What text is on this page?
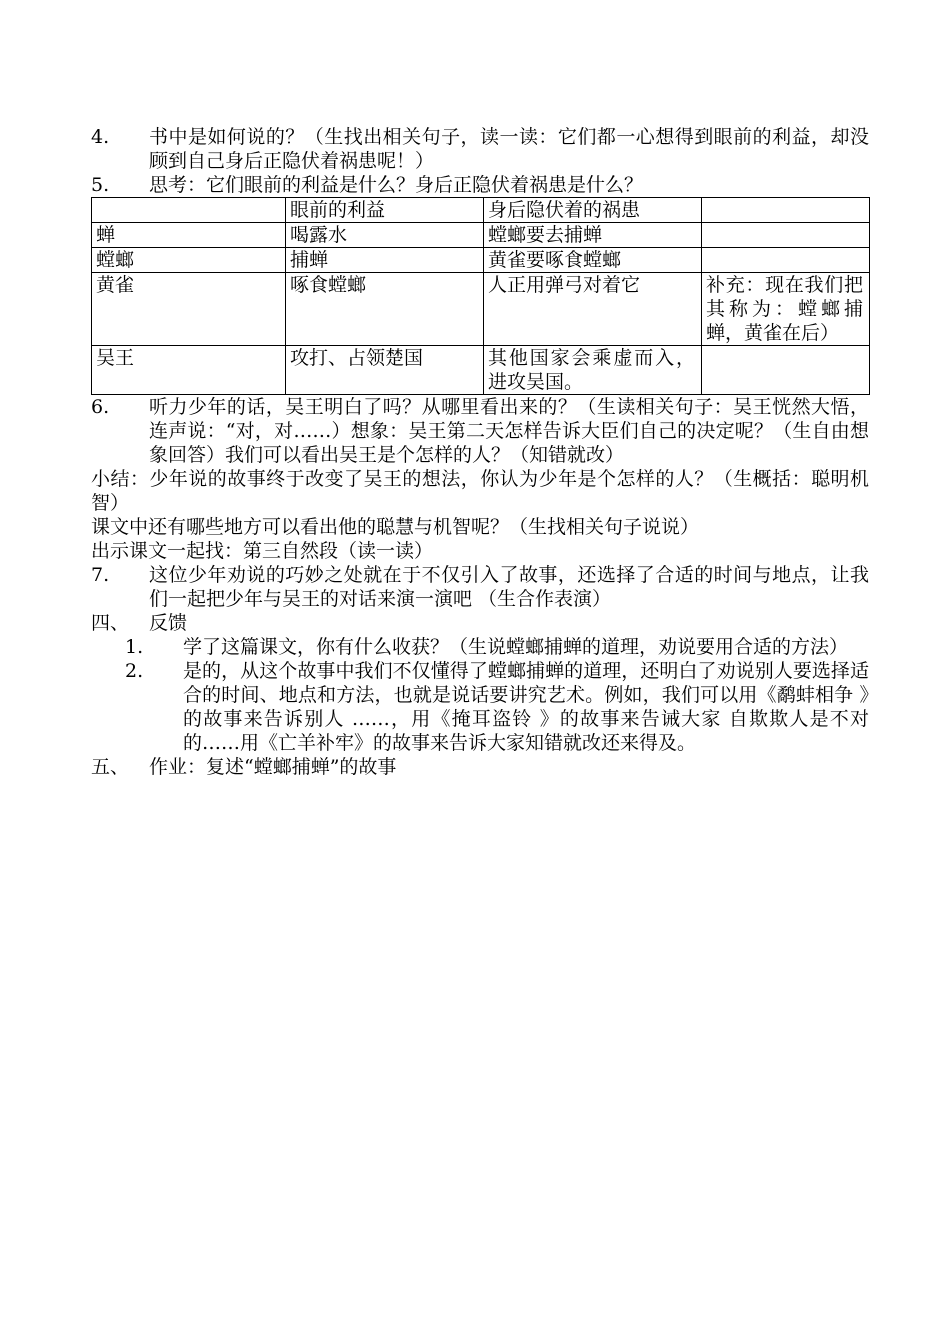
4.	书中是如何说的？（生找出相关句子，读一读：它们都一心想得到眼前的利益，却没顾到自己身后正隐伏着祸患呢！）
5.	思考：它们眼前的利益是什么？身后正隐伏着祸患是什么？
	眼前的利益	身后隐伏着的祸患	
蝉	喝露水	螳螂要去捕蝉	
螳螂	捕蝉	黄雀要啄食螳螂	
黄雀	啄食螳螂	人正用弹弓对着它	补充：现在我们把其称为：螳螂捕蝉，黄雀在后）
吴王	攻打、占领楚国	其他国家会乘虚而入，进攻吴国。	
6.	听力少年的话，吴王明白了吗？从哪里看出来的？（生读相关句子：吴王恍然大悟，连声说：“对，对……）想象：吴王第二天怎样告诉大臣们自己的决定呢？（生自由想象回答）我们可以看出吴王是个怎样的人？（知错就改）
小结：少年说的故事终于改变了吴王的想法，你认为少年是个怎样的人？（生概括：聪明机智）
课文中还有哪些地方可以看出他的聪慧与机智呢？（生找相关句子说说）
出示课文一起找：第三自然段（读一读）
7.	这位少年劝说的巧妙之处就在于不仅引入了故事，还选择了合适的时间与地点，让我们一起把少年与吴王的对话来演一演吧 （生合作表演）
四、	反馈
1.	学了这篇课文，你有什么收获？（生说螳螂捕蝉的道理，劝说要用合适的方法）
2.	是的，从这个故事中我们不仅懂得了螳螂捕蝉的道理，还明白了劝说别人要选择适合的时间、地点和方法，也就是说话要讲究艺术。例如，我们可以用《鹬蚌相争 》的故事来告诉别人 ……，用《掩耳盗铃 》的故事来告诫大家 自欺欺人是不对的……用《亡羊补牢》的故事来告诉大家知错就改还来得及。
五、	作业：复述“螳螂捕蝉”的故事
